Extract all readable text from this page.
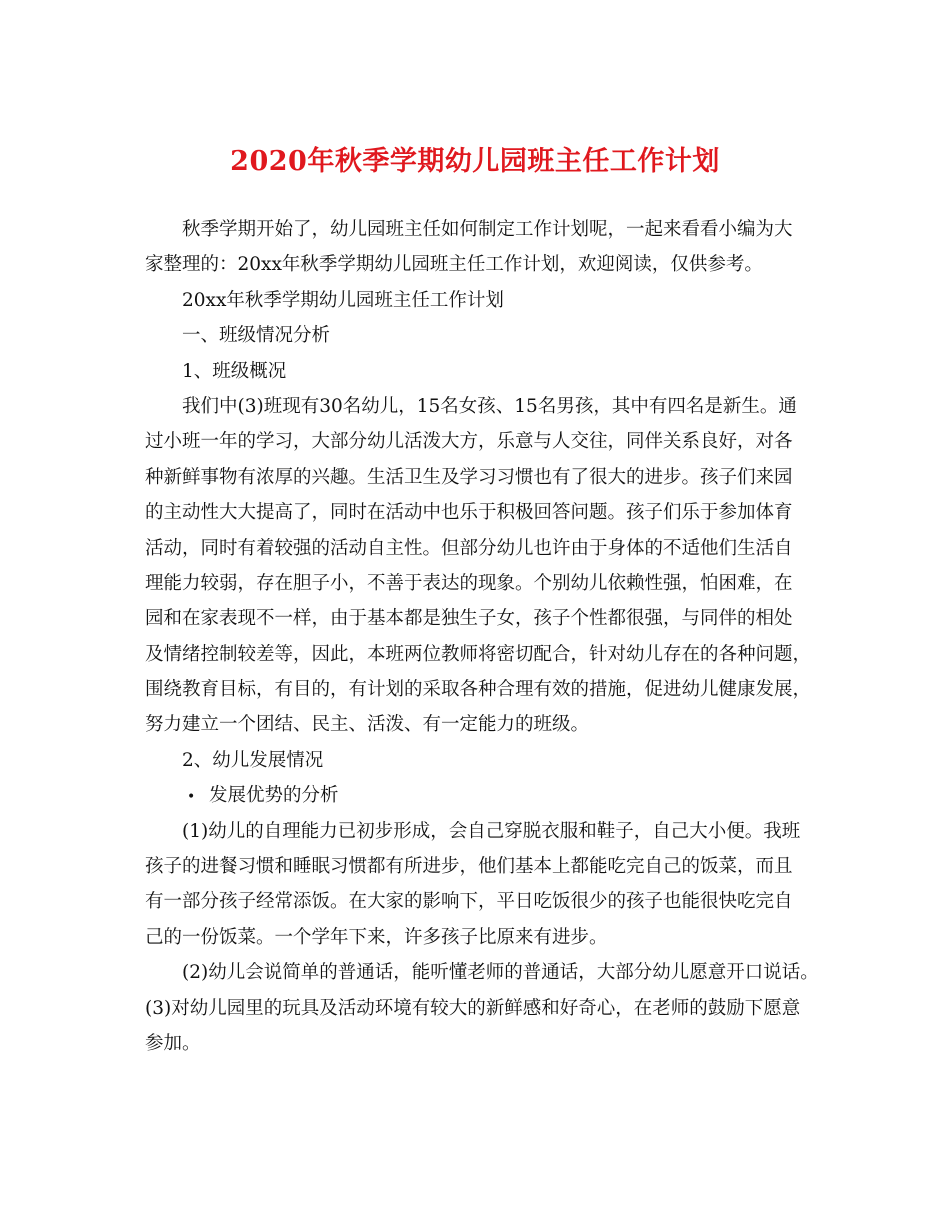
2020年秋季学期幼儿园班主任工作计划
秋季学期开始了，幼儿园班主任如何制定工作计划呢，一起来看看小编为大
家整理的：20xx年秋季学期幼儿园班主任工作计划，欢迎阅读，仅供参考。
20xx年秋季学期幼儿园班主任工作计划
一、班级情况分析
1、班级概况
我们中(3)班现有30名幼儿，15名女孩、15名男孩，其中有四名是新生。通
过小班一年的学习，大部分幼儿活泼大方，乐意与人交往，同伴关系良好，对各
种新鲜事物有浓厚的兴趣。生活卫生及学习习惯也有了很大的进步。孩子们来园
的主动性大大提高了，同时在活动中也乐于积极回答问题。孩子们乐于参加体育
活动，同时有着较强的活动自主性。但部分幼儿也许由于身体的不适他们生活自
理能力较弱，存在胆子小，不善于表达的现象。个别幼儿依赖性强，怕困难，在
园和在家表现不一样，由于基本都是独生子女，孩子个性都很强，与同伴的相处
及情绪控制较差等，因此，本班两位教师将密切配合，针对幼儿存在的各种问题，
围绕教育目标，有目的，有计划的采取各种合理有效的措施，促进幼儿健康发展，
努力建立一个团结、民主、活泼、有一定能力的班级。
2、幼儿发展情况
• 发展优势的分析
(1)幼儿的自理能力已初步形成，会自己穿脱衣服和鞋子，自己大小便。我班
孩子的进餐习惯和睡眠习惯都有所进步，他们基本上都能吃完自己的饭菜，而且
有一部分孩子经常添饭。在大家的影响下，平日吃饭很少的孩子也能很快吃完自
己的一份饭菜。一个学年下来，许多孩子比原来有进步。
(2)幼儿会说简单的普通话，能听懂老师的普通话，大部分幼儿愿意开口说话。
(3)对幼儿园里的玩具及活动环境有较大的新鲜感和好奇心，在老师的鼓励下愿意
参加。
